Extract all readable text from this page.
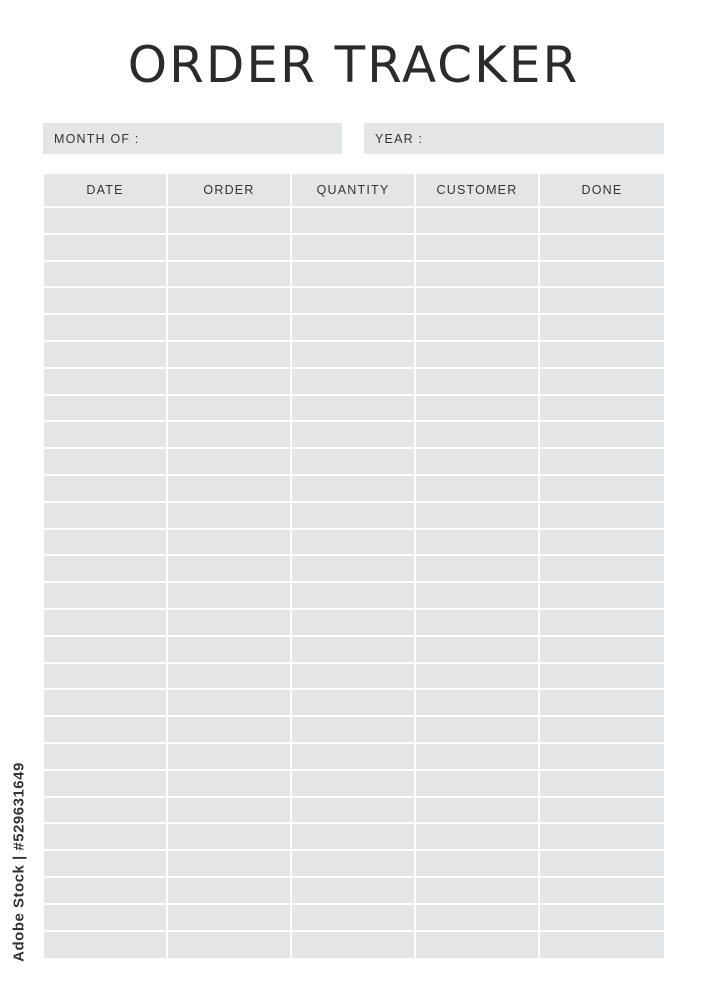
ORDER TRACKER
MONTH OF :	YEAR :
DATE	ORDER	QUANTITY	CUSTOMER	DONE

Adobe Stock | #529631649
